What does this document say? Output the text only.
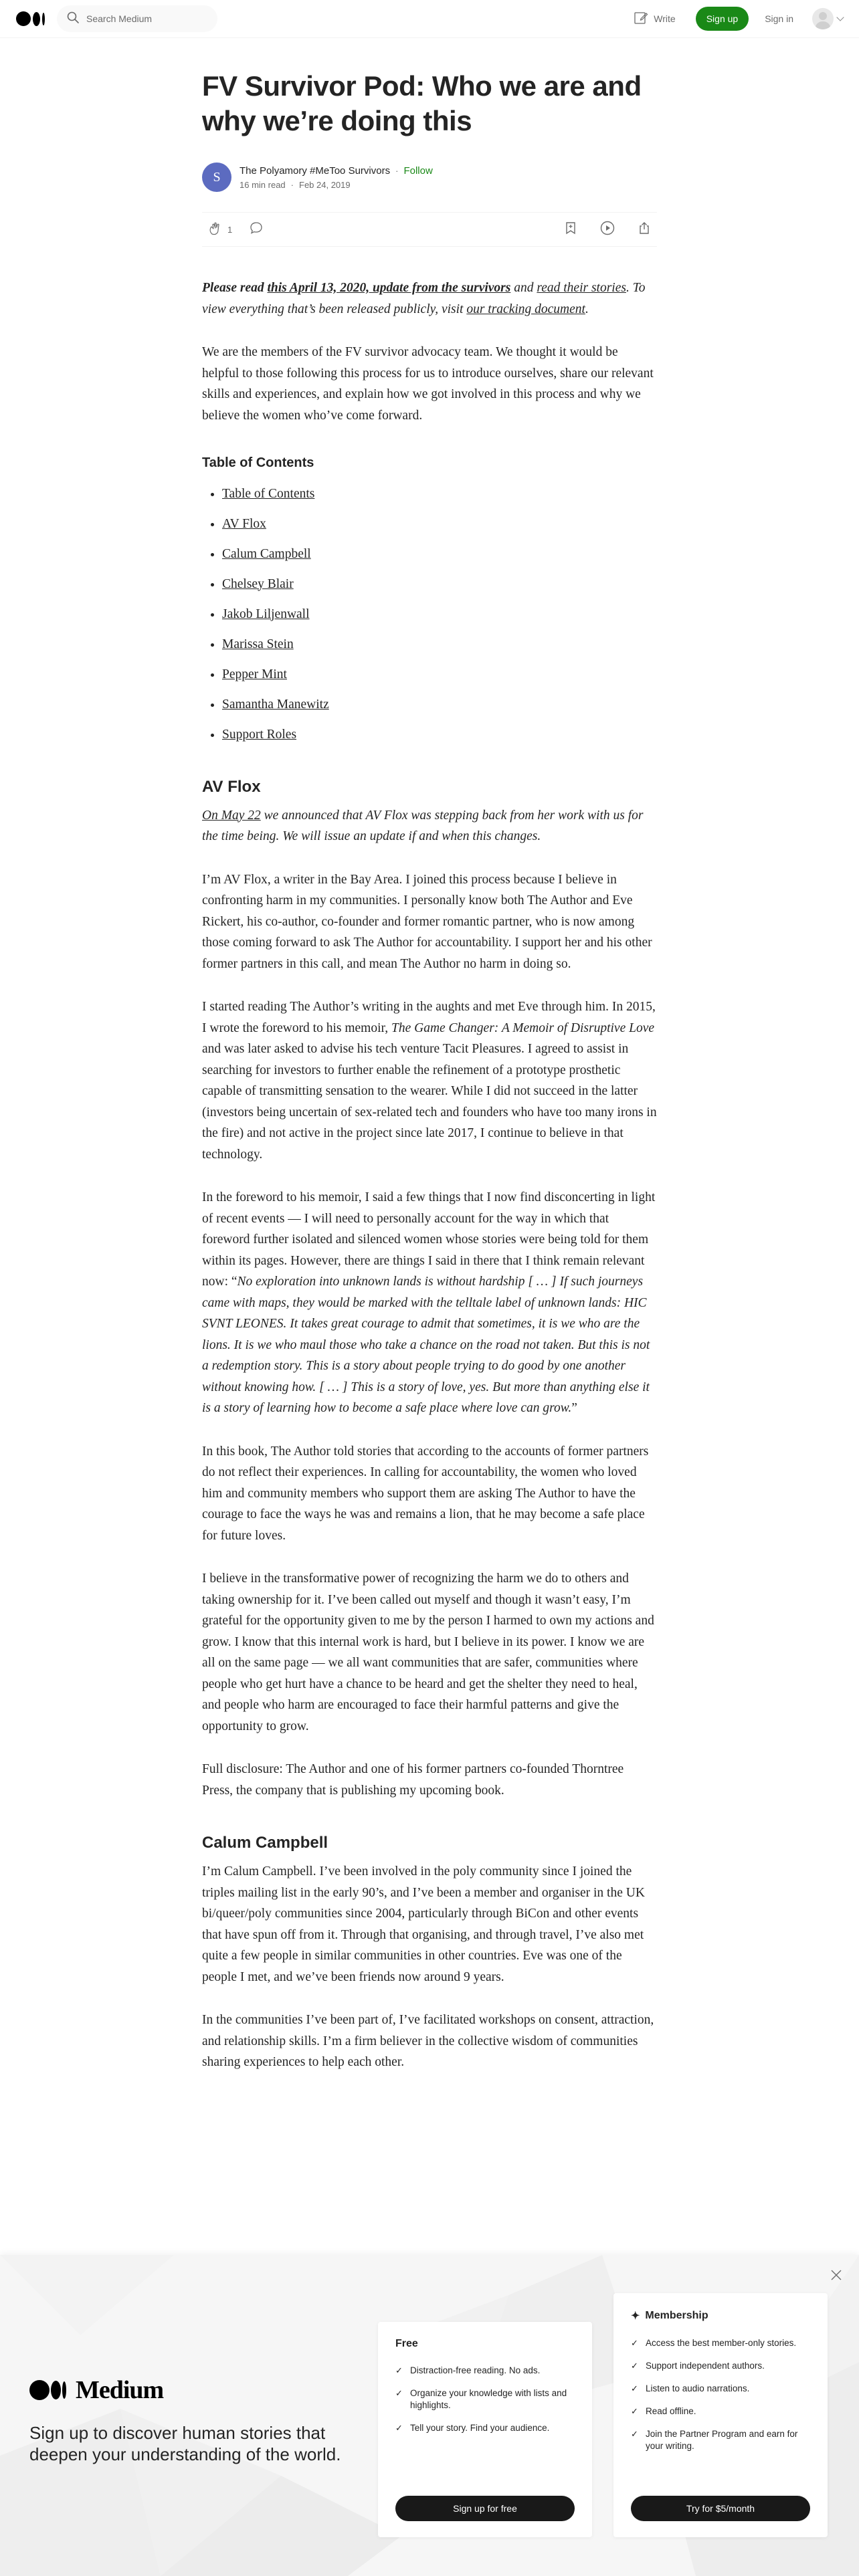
Search Medium
Write	Sign up	Sign in
FV Survivor Pod: Who we are and why we’re doing this
S	The Polyamory #MeToo Survivors · Follow
16 min read · Feb 24, 2019
1

Please read this April 13, 2020, update from the survivors and read their stories. To view everything that’s been released publicly, visit our tracking document.

We are the members of the FV survivor advocacy team. We thought it would be helpful to those following this process for us to introduce ourselves, share our relevant skills and experiences, and explain how we got involved in this process and why we believe the women who’ve come forward.

Table of Contents
• Table of Contents
• AV Flox
• Calum Campbell
• Chelsey Blair
• Jakob Liljenwall
• Marissa Stein
• Pepper Mint
• Samantha Manewitz
• Support Roles
AV Flox

On May 22 we announced that AV Flox was stepping back from her work with us for the time being. We will issue an update if and when this changes.

I’m AV Flox, a writer in the Bay Area. I joined this process because I believe in confronting harm in my communities. I personally know both The Author and Eve Rickert, his co-author, co-founder and former romantic partner, who is now among those coming forward to ask The Author for accountability. I support her and his other former partners in this call, and mean The Author no harm in doing so.

I started reading The Author’s writing in the aughts and met Eve through him. In 2015, I wrote the foreword to his memoir, The Game Changer: A Memoir of Disruptive Love and was later asked to advise his tech venture Tacit Pleasures. I agreed to assist in searching for investors to further enable the refinement of a prototype prosthetic capable of transmitting sensation to the wearer. While I did not succeed in the latter (investors being uncertain of sex-related tech and founders who have too many irons in the fire) and not active in the project since late 2017, I continue to believe in that technology.

In the foreword to his memoir, I said a few things that I now find disconcerting in light of recent events — I will need to personally account for the way in which that foreword further isolated and silenced women whose stories were being told for them within its pages. However, there are things I said in there that I think remain relevant now: “No exploration into unknown lands is without hardship [ … ] If such journeys came with maps, they would be marked with the telltale label of unknown lands: HIC SVNT LEONES. It takes great courage to admit that sometimes, it is we who are the lions. It is we who maul those who take a chance on the road not taken. But this is not a redemption story. This is a story about people trying to do good by one another without knowing how. [ … ] This is a story of love, yes. But more than anything else it is a story of learning how to become a safe place where love can grow.”

In this book, The Author told stories that according to the accounts of former partners do not reflect their experiences. In calling for accountability, the women who loved him and community members who support them are asking The Author to have the courage to face the ways he was and remains a lion, that he may become a safe place for future loves.

I believe in the transformative power of recognizing the harm we do to others and taking ownership for it. I’ve been called out myself and though it wasn’t easy, I’m grateful for the opportunity given to me by the person I harmed to own my actions and grow. I know that this internal work is hard, but I believe in its power. I know we are all on the same page — we all want communities that are safer, communities where people who get hurt have a chance to be heard and get the shelter they need to heal, and people who harm are encouraged to face their harmful patterns and give the opportunity to grow.

Full disclosure: The Author and one of his former partners co-founded Thorntree Press, the company that is publishing my upcoming book.

Calum Campbell

I’m Calum Campbell. I’ve been involved in the poly community since I joined the triples mailing list in the early 90’s, and I’ve been a member and organiser in the UK bi/queer/poly communities since 2004, particularly through BiCon and other events that have spun off from it. Through that organising, and through travel, I’ve also met quite a few people in similar communities in other countries. Eve was one of the people I met, and we’ve been friends now around 9 years.

In the communities I’ve been part of, I’ve facilitated workshops on consent, attraction, and relationship skills. I’m a firm believer in the collective wisdom of communities sharing experiences to help each other.

Medium
Sign up to discover human stories that deepen your understanding of the world.
Free
✓ Distraction-free reading. No ads.
✓ Organize your knowledge with lists and highlights.
✓ Tell your story. Find your audience.
Sign up for free
✦ Membership
✓ Access the best member-only stories.
✓ Support independent authors.
✓ Listen to audio narrations.
✓ Read offline.
✓ Join the Partner Program and earn for your writing.
Try for $5/month
